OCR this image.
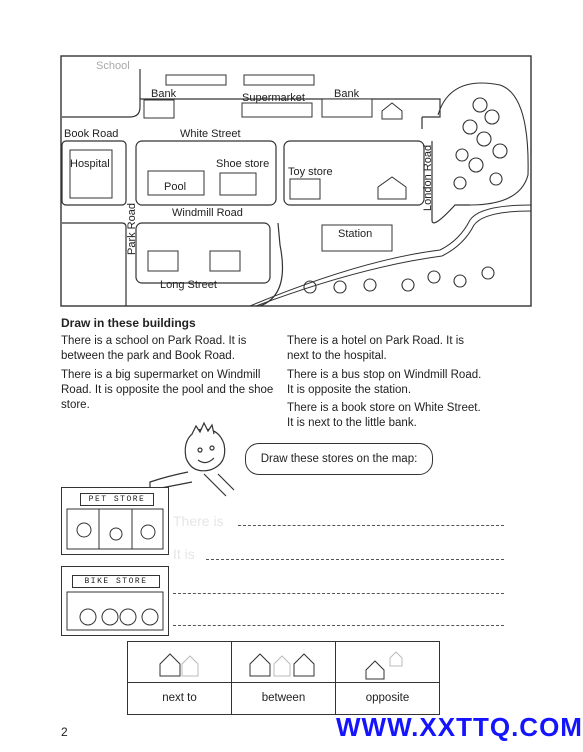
School
Bank	Supermarket	Bank
Book Road	White Street
Hospital	Shoe store
Toy store
Pool
Windmill Road
Park Road
London Road
Station
Long Street
Draw in these buildings
There is a school on Park Road. It is between the park and Book Road.
There is a big supermarket on Windmill Road. It is opposite the pool and the shoe store.
There is a hotel on Park Road. It is next to the hospital.
There is a bus stop on Windmill Road. It is opposite the station.
There is a book store on White Street. It is next to the little bank.
Draw these stores on the map:
PET STORE
There is
It is
BIKE STORE
next to	between	opposite
2	WWW.XXTTQ.COM
